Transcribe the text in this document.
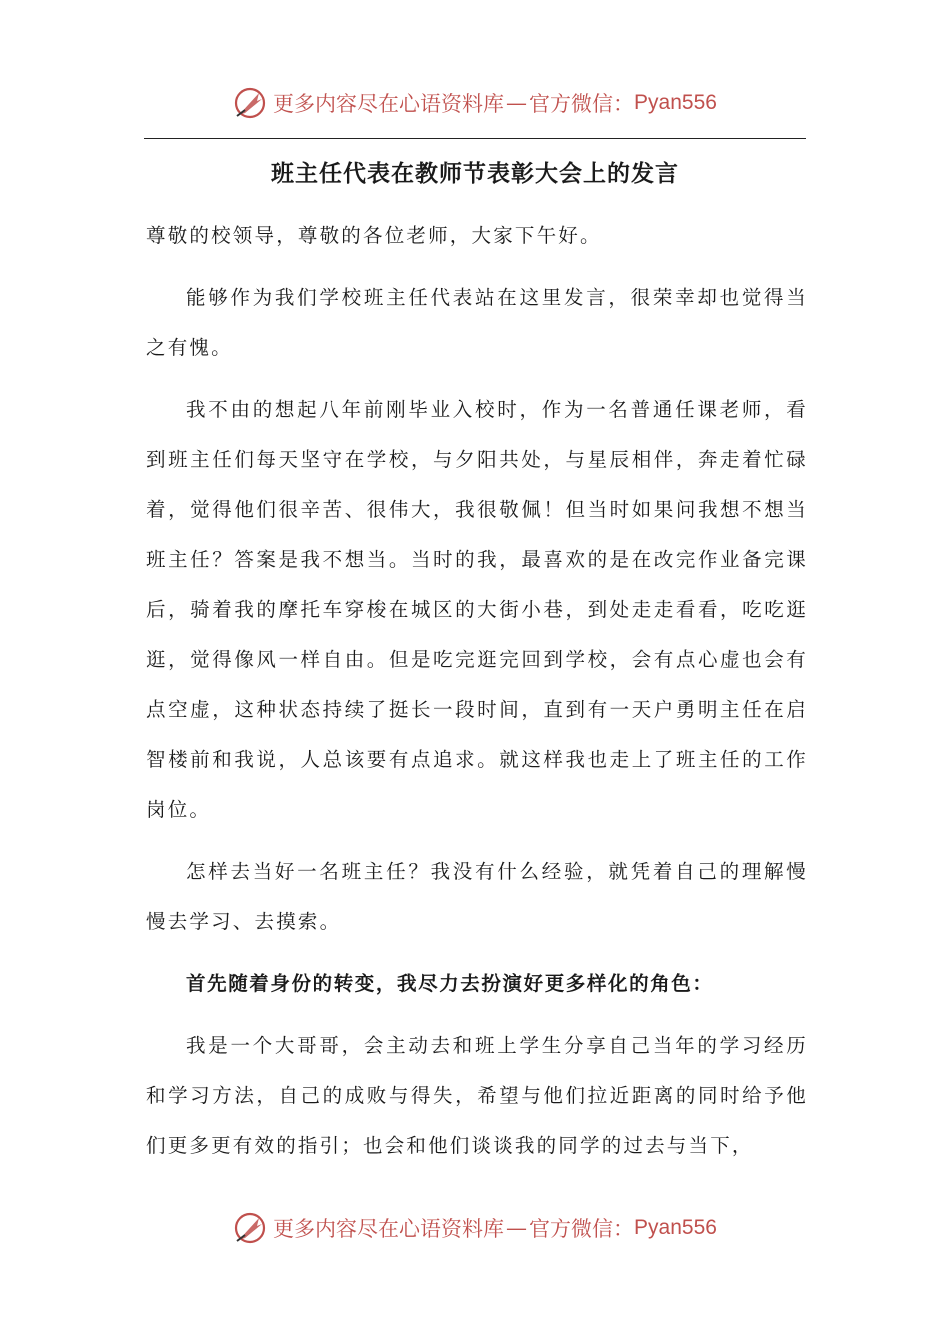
更多内容尽在心语资料库 — 官方微信： Pyan556
班主任代表在教师节表彰大会上的发言

尊敬的校领导，尊敬的各位老师，大家下午好。

能够作为我们学校班主任代表站在这里发言，很荣幸却也觉得当之有愧。

我不由的想起八年前刚毕业入校时，作为一名普通任课老师，看到班主任们每天坚守在学校，与夕阳共处，与星辰相伴，奔走着忙碌着，觉得他们很辛苦、很伟大，我很敬佩！但当时如果问我想不想当班主任？答案是我不想当。当时的我，最喜欢的是在改完作业备完课后，骑着我的摩托车穿梭在城区的大街小巷，到处走走看看，吃吃逛逛，觉得像风一样自由。但是吃完逛完回到学校，会有点心虚也会有点空虚，这种状态持续了挺长一段时间，直到有一天户勇明主任在启智楼前和我说，人总该要有点追求。就这样我也走上了班主任的工作岗位。

怎样去当好一名班主任？我没有什么经验，就凭着自己的理解慢慢去学习、去摸索。

首先随着身份的转变，我尽力去扮演好更多样化的角色：

我是一个大哥哥，会主动去和班上学生分享自己当年的学习经历和学习方法，自己的成败与得失，希望与他们拉近距离的同时给予他们更多更有效的指引；也会和他们谈谈我的同学的过去与当下，

更多内容尽在心语资料库 — 官方微信： Pyan556
